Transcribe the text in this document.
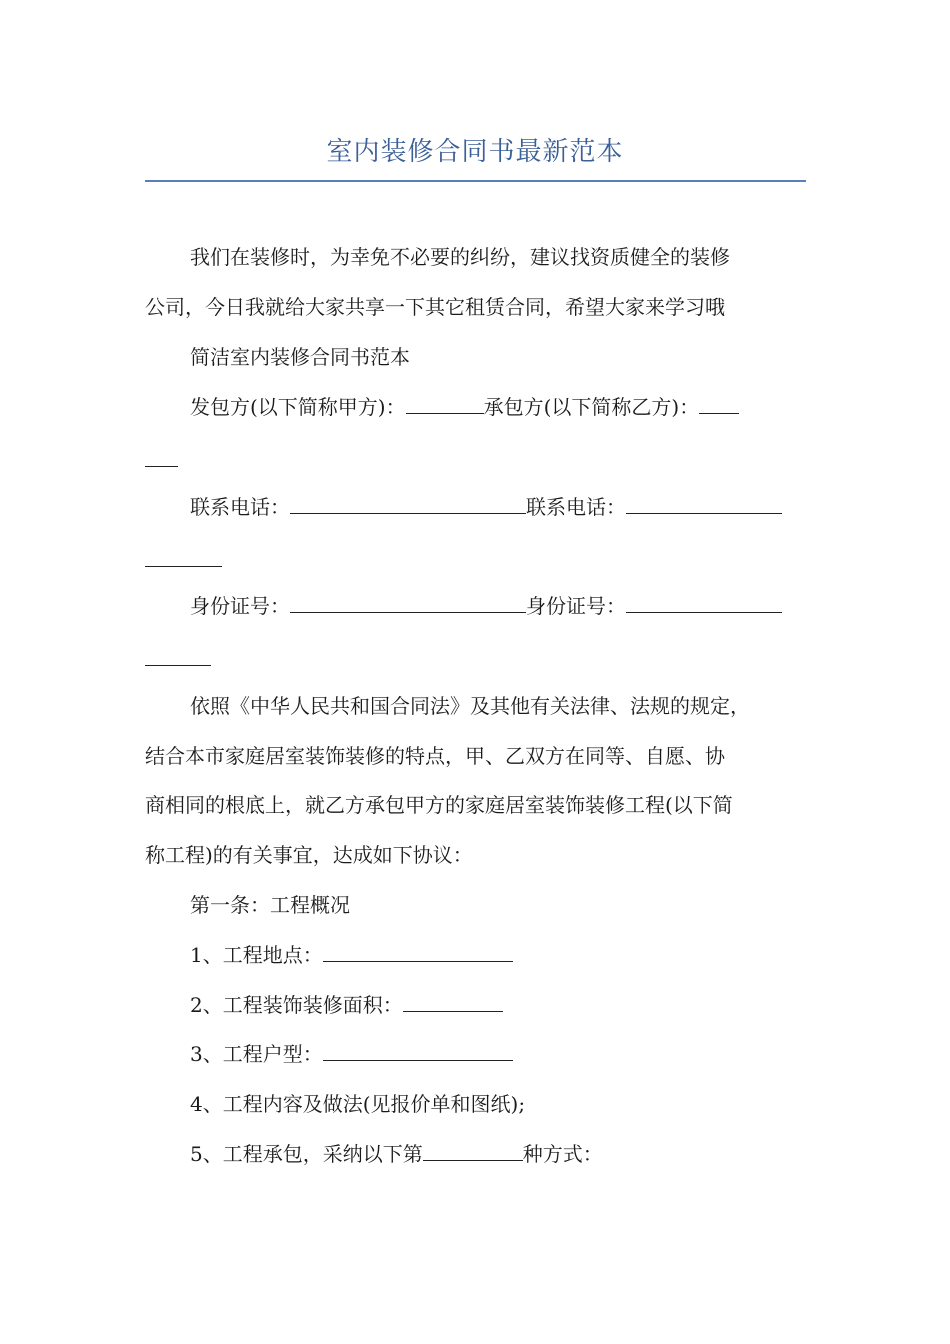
室内装修合同书最新范本
我们在装修时，为幸免不必要的纠纷，建议找资质健全的装修
公司，今日我就给大家共享一下其它租赁合同，希望大家来学习哦
简洁室内装修合同书范本
发包方(以下简称甲方)：	承包方(以下简称乙方)：
联系电话：	联系电话：
身份证号：	身份证号：
依照《中华人民共和国合同法》及其他有关法律、法规的规定，
结合本市家庭居室装饰装修的特点，甲、乙双方在同等、自愿、协
商相同的根底上，就乙方承包甲方的家庭居室装饰装修工程(以下简
称工程)的有关事宜，达成如下协议：
第一条：工程概况
1、工程地点：
2、工程装饰装修面积：
3、工程户型：
4、工程内容及做法(见报价单和图纸);
5、工程承包，采纳以下第	种方式：
